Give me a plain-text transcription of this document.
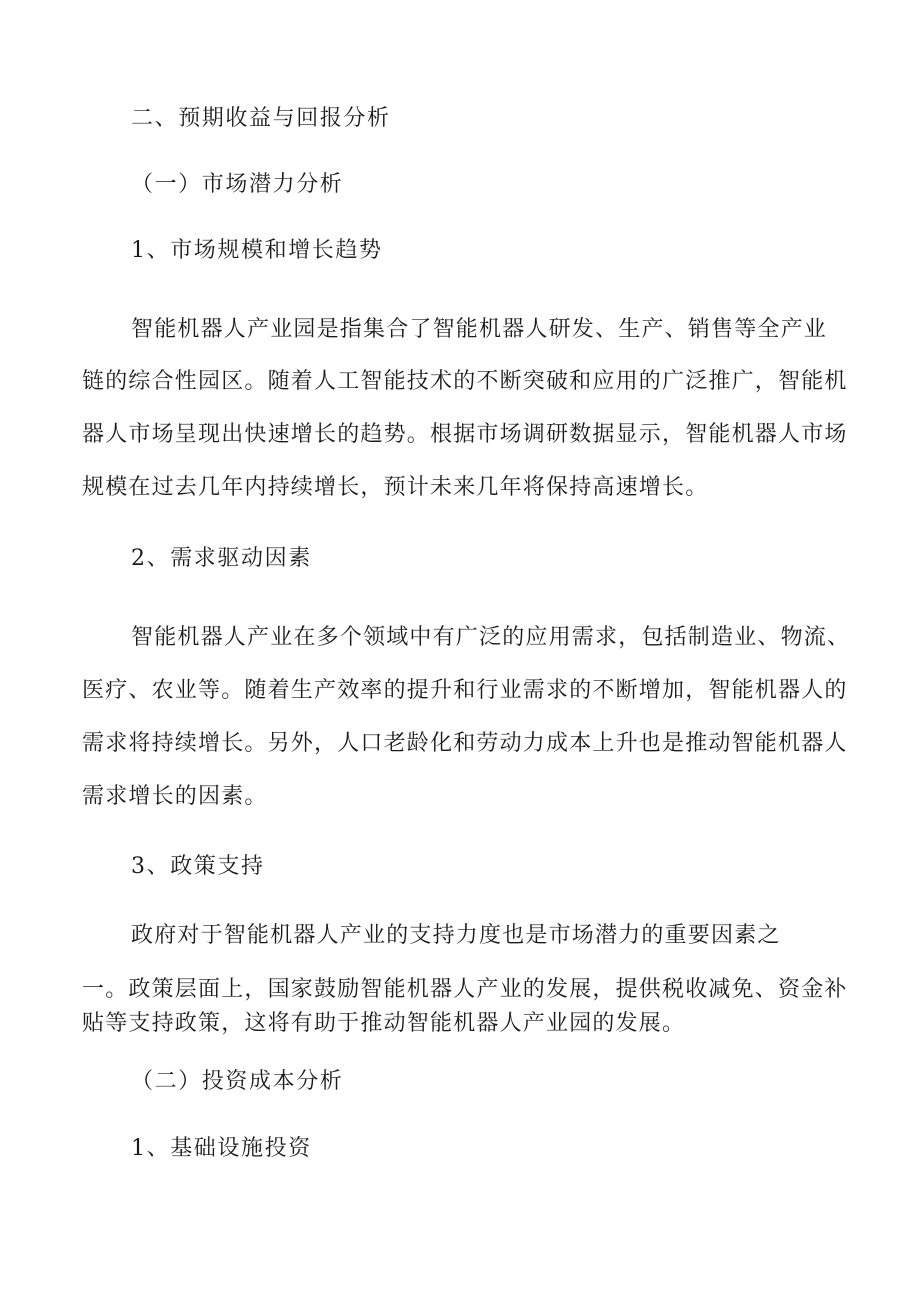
二、预期收益与回报分析
（一）市场潜力分析
1、市场规模和增长趋势
智能机器人产业园是指集合了智能机器人研发、生产、销售等全产业
链的综合性园区。随着人工智能技术的不断突破和应用的广泛推广，智能机
器人市场呈现出快速增长的趋势。根据市场调研数据显示，智能机器人市场
规模在过去几年内持续增长，预计未来几年将保持高速增长。
2、需求驱动因素
智能机器人产业在多个领域中有广泛的应用需求，包括制造业、物流、
医疗、农业等。随着生产效率的提升和行业需求的不断增加，智能机器人的
需求将持续增长。另外，人口老龄化和劳动力成本上升也是推动智能机器人
需求增长的因素。
3、政策支持
政府对于智能机器人产业的支持力度也是市场潜力的重要因素之
一。政策层面上，国家鼓励智能机器人产业的发展，提供税收减免、资金补
贴等支持政策，这将有助于推动智能机器人产业园的发展。
（二）投资成本分析
1、基础设施投资
